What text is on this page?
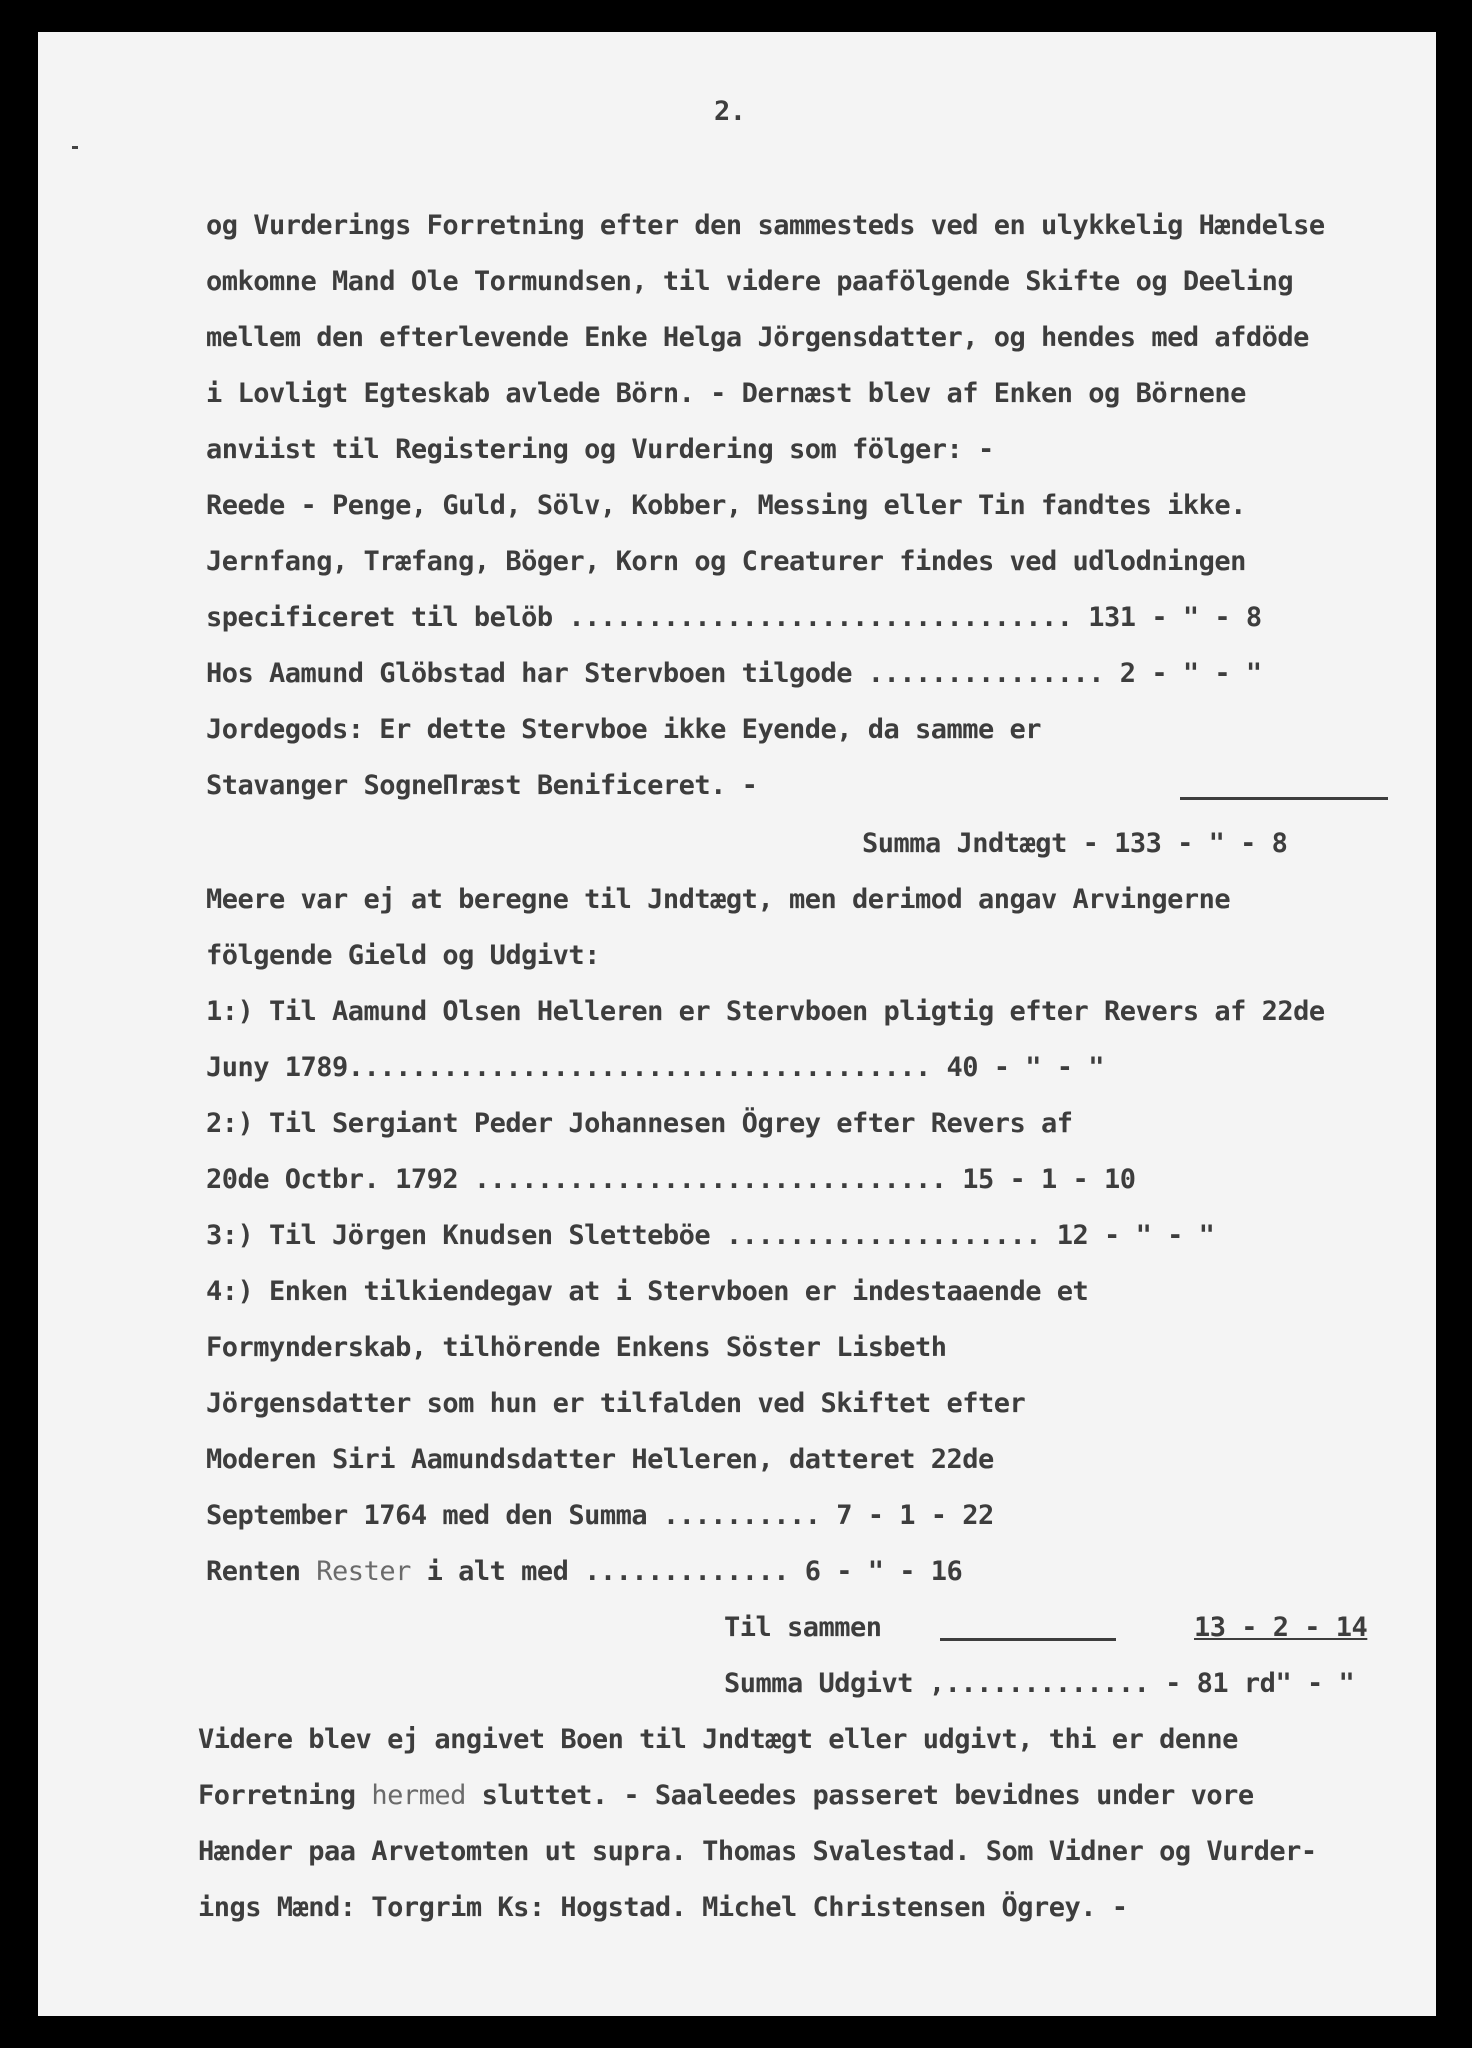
2.
og Vurderings Forretning efter den sammesteds ved en ulykkelig Hændelse
omkomne Mand Ole Tormundsen, til videre paafölgende Skifte og Deeling
mellem den efterlevende Enke Helga Jörgensdatter, og hendes med afdöde
i Lovligt Egteskab avlede Börn. - Dernæst blev af Enken og Börnene
anviist til Registering og Vurdering som fölger: -
Reede - Penge, Guld, Sölv, Kobber, Messing eller Tin fandtes ikke.
Jernfang, Træfang, Böger, Korn og Creaturer findes ved udlodningen
specificeret til belöb ................................ 131 - " - 8
Hos Aamund Glöbstad har Stervboen tilgode ............... 2 - " - "
Jordegods: Er dette Stervboe ikke Eyende, da samme er
Stavanger SogneПræst Benificeret. -
Summa Jndtægt - 133 - " - 8
Meere var ej at beregne til Jndtægt, men derimod angav Arvingerne
fölgende Gield og Udgivt:
1:) Til Aamund Olsen Helleren er Stervboen pligtig efter Revers af 22de
Juny 1789..................................... 40 - " - "
2:) Til Sergiant Peder Johannesen Ögrey efter Revers af
20de Octbr. 1792 .............................. 15 - 1 - 10
3:) Til Jörgen Knudsen Sletteböe .................... 12 - " - "
4:) Enken tilkiendegav at i Stervboen er indestaaende et
Formynderskab, tilhörende Enkens Söster Lisbeth
Jörgensdatter som hun er tilfalden ved Skiftet efter
Moderen Siri Aamundsdatter Helleren, datteret 22de
September 1764 med den Summa .......... 7 - 1 - 22
Renten Rester i alt med ............. 6 - " - 16
Til sammen	13 - 2 - 14
Summa Udgivt ,............. - 81 rd" - "
Videre blev ej angivet Boen til Jndtægt eller udgivt, thi er denne
Forretning hermed sluttet. - Saaleedes passeret bevidnes under vore
Hænder paa Arvetomten ut supra. Thomas Svalestad. Som Vidner og Vurder-
ings Mænd: Torgrim Ks: Hogstad. Michel Christensen Ögrey. -
